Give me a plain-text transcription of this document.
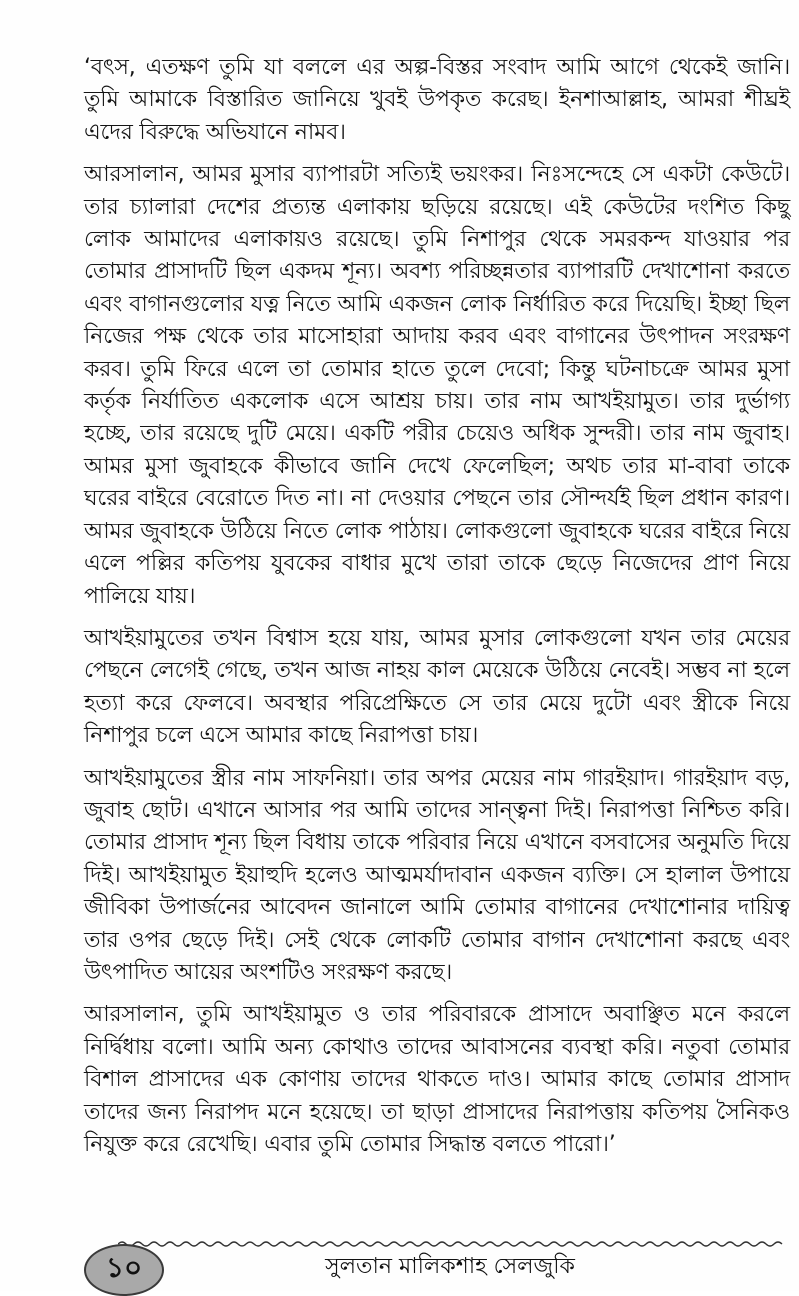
‘বৎস, এতক্ষণ তুমি যা বললে এর অল্প-বিস্তর সংবাদ আমি আগে থেকেই জানি। তুমি আমাকে বিস্তারিত জানিয়ে খুবই উপকৃত করেছ। ইনশাআল্লাহ, আমরা শীঘ্রই এদের বিরুদ্ধে অভিযানে নামব।

আরসালান, আমর মুসার ব্যাপারটা সত্যিই ভয়ংকর। নিঃসন্দেহে সে একটা কেউটে। তার চ্যালারা দেশের প্রত্যন্ত এলাকায় ছড়িয়ে রয়েছে। এই কেউটের দংশিত কিছু লোক আমাদের এলাকায়ও রয়েছে। তুমি নিশাপুর থেকে সমরকন্দ যাওয়ার পর তোমার প্রাসাদটি ছিল একদম শূন্য। অবশ্য পরিচ্ছন্নতার ব্যাপারটি দেখাশোনা করতে এবং বাগানগুলোর যত্ন নিতে আমি একজন লোক নির্ধারিত করে দিয়েছি। ইচ্ছা ছিল নিজের পক্ষ থেকে তার মাসোহারা আদায় করব এবং বাগানের উৎপাদন সংরক্ষণ করব। তুমি ফিরে এলে তা তোমার হাতে তুলে দেবো; কিন্তু ঘটনাচক্রে আমর মুসা কর্তৃক নির্যাতিত একলোক এসে আশ্রয় চায়। তার নাম আখইয়ামুত। তার দুর্ভাগ্য হচ্ছে, তার রয়েছে দুটি মেয়ে। একটি পরীর চেয়েও অধিক সুন্দরী। তার নাম জুবাহ। আমর মুসা জুবাহকে কীভাবে জানি দেখে ফেলেছিল; অথচ তার মা-বাবা তাকে ঘরের বাইরে বেরোতে দিত না। না দেওয়ার পেছনে তার সৌন্দর্যই ছিল প্রধান কারণ। আমর জুবাহকে উঠিয়ে নিতে লোক পাঠায়। লোকগুলো জুবাহকে ঘরের বাইরে নিয়ে এলে পল্লির কতিপয় যুবকের বাধার মুখে তারা তাকে ছেড়ে নিজেদের প্রাণ নিয়ে পালিয়ে যায়।

আখইয়ামুতের তখন বিশ্বাস হয়ে যায়, আমর মুসার লোকগুলো যখন তার মেয়ের পেছনে লেগেই গেছে, তখন আজ নাহয় কাল মেয়েকে উঠিয়ে নেবেই। সম্ভব না হলে হত্যা করে ফেলবে। অবস্থার পরিপ্রেক্ষিতে সে তার মেয়ে দুটো এবং স্ত্রীকে নিয়ে নিশাপুর চলে এসে আমার কাছে নিরাপত্তা চায়।

আখইয়ামুতের স্ত্রীর নাম সাফনিয়া। তার অপর মেয়ের নাম গারইয়াদ। গারইয়াদ বড়, জুবাহ ছোট। এখানে আসার পর আমি তাদের সান্ত্বনা দিই। নিরাপত্তা নিশ্চিত করি। তোমার প্রাসাদ শূন্য ছিল বিধায় তাকে পরিবার নিয়ে এখানে বসবাসের অনুমতি দিয়ে দিই। আখইয়ামুত ইয়াহুদি হলেও আত্মমর্যাদাবান একজন ব্যক্তি। সে হালাল উপায়ে জীবিকা উপার্জনের আবেদন জানালে আমি তোমার বাগানের দেখাশোনার দায়িত্ব তার ওপর ছেড়ে দিই। সেই থেকে লোকটি তোমার বাগান দেখাশোনা করছে এবং উৎপাদিত আয়ের অংশটিও সংরক্ষণ করছে।

আরসালান, তুমি আখইয়ামুত ও তার পরিবারকে প্রাসাদে অবাঞ্ছিত মনে করলে নির্দ্বিধায় বলো। আমি অন্য কোথাও তাদের আবাসনের ব্যবস্থা করি। নতুবা তোমার বিশাল প্রাসাদের এক কোণায় তাদের থাকতে দাও। আমার কাছে তোমার প্রাসাদ তাদের জন্য নিরাপদ মনে হয়েছে। তা ছাড়া প্রাসাদের নিরাপত্তায় কতিপয় সৈনিকও নিযুক্ত করে রেখেছি। এবার তুমি তোমার সিদ্ধান্ত বলতে পারো।’

১০	সুলতান মালিকশাহ সেলজুকি
